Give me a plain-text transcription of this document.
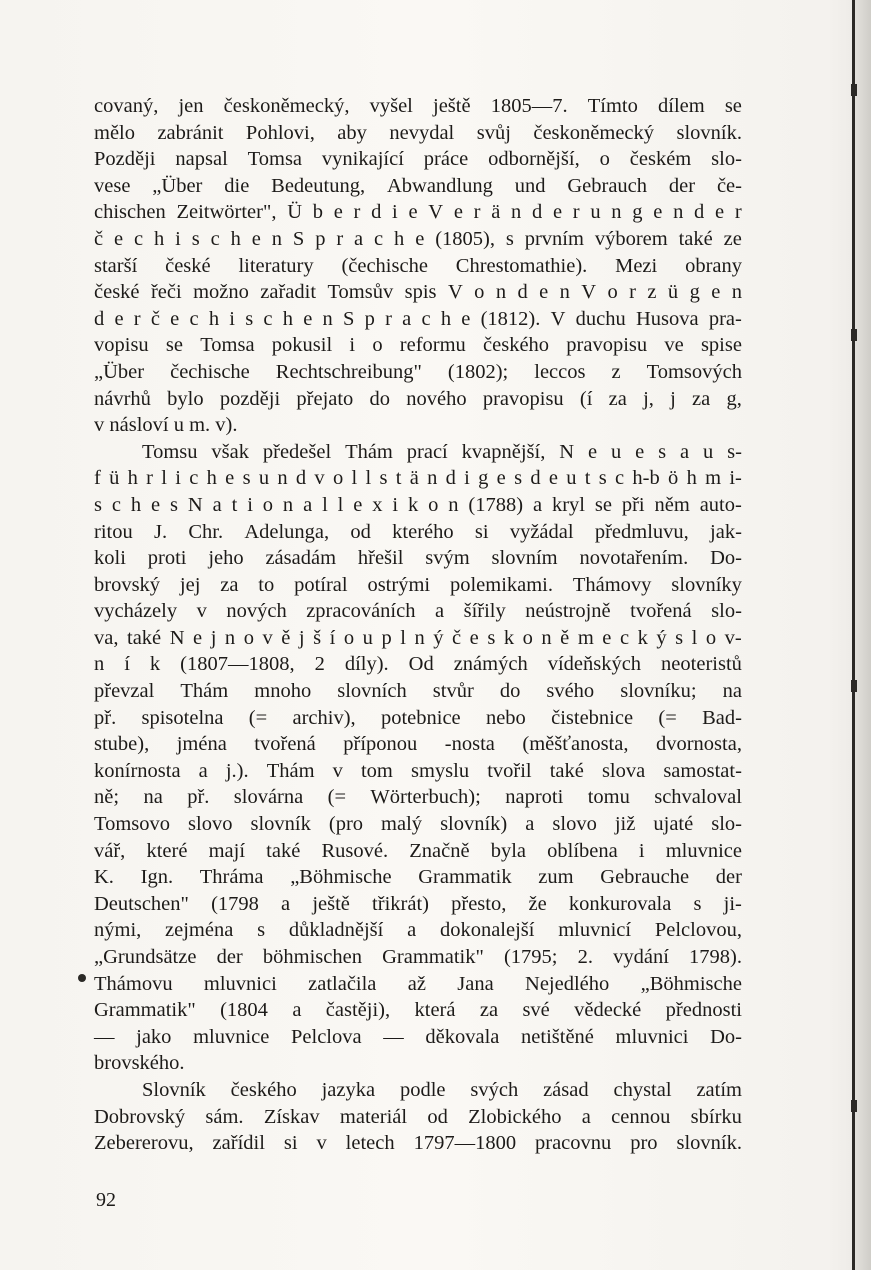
covaný, jen českoněmecký, vyšel ještě 1805—7. Tímto dílem se
mělo zabránit Pohlovi, aby nevydal svůj českoněmecký slovník.
Později napsal Tomsa vynikající práce odbornější, o českém slo-
vese „Über die Bedeutung, Abwandlung und Gebrauch der če-
chischen Zeitwörter", Ü b e r d i e V e r ä n d e r u n g e n d e r
č e c h i s c h e n S p r a c h e (1805), s prvním výborem také ze
starší české literatury (čechische Chrestomathie). Mezi obrany
české řeči možno zařadit Tomsův spis V o n d e n V o r z ü g e n
d e r č e c h i s c h e n S p r a c h e (1812). V duchu Husova pra-
vopisu se Tomsa pokusil i o reformu českého pravopisu ve spise
„Über čechische Rechtschreibung" (1802); leccos z Tomsových
návrhů bylo později přejato do nového pravopisu (í za j, j za g,
v násloví u m. v).
Tomsu však předešel Thám prací kvapnější, N e u e s a u s-
f ü h r l i c h e s u n d v o l l s t ä n d i g e s d e u t s c h-b ö h m i-
s c h e s N a t i o n a l l e x i k o n (1788) a kryl se při něm auto-
ritou J. Chr. Adelunga, od kterého si vyžádal předmluvu, jak-
koli proti jeho zásadám hřešil svým slovním novotařením. Do-
brovský jej za to potíral ostrými polemikami. Thámovy slovníky
vycházely v nových zpracováních a šířily neústrojně tvořená slo-
va, také N e j n o v ě j š í o u p l n ý č e s k o n ě m e c k ý s l o v-
n í k (1807—1808, 2 díly). Od známých vídeňských neoteristů
převzal Thám mnoho slovních stvůr do svého slovníku; na
př. spisotelna (= archiv), potebnice nebo čistebnice (= Bad-
stube), jména tvořená příponou -nosta (měšťanosta, dvornosta,
konírnosta a j.). Thám v tom smyslu tvořil také slova samostat-
ně; na př. slovárna (= Wörterbuch); naproti tomu schvaloval
Tomsovo slovo slovník (pro malý slovník) a slovo již ujaté slo-
vář, které mají také Rusové. Značně byla oblíbena i mluvnice
K. Ign. Thráma „Böhmische Grammatik zum Gebrauche der
Deutschen" (1798 a ještě třikrát) přesto, že konkurovala s ji-
nými, zejména s důkladnější a dokonalejší mluvnicí Pelclovou,
„Grundsätze der böhmischen Grammatik" (1795; 2. vydání 1798).
Thámovu mluvnici zatlačila až Jana Nejedlého „Böhmische
Grammatik" (1804 a častěji), která za své vědecké přednosti
— jako mluvnice Pelclova — děkovala netištěné mluvnici Do-
brovského.
Slovník českého jazyka podle svých zásad chystal zatím
Dobrovský sám. Získav materiál od Zlobického a cennou sbírku
Zebererovu, zařídil si v letech 1797—1800 pracovnu pro slovník.
92
